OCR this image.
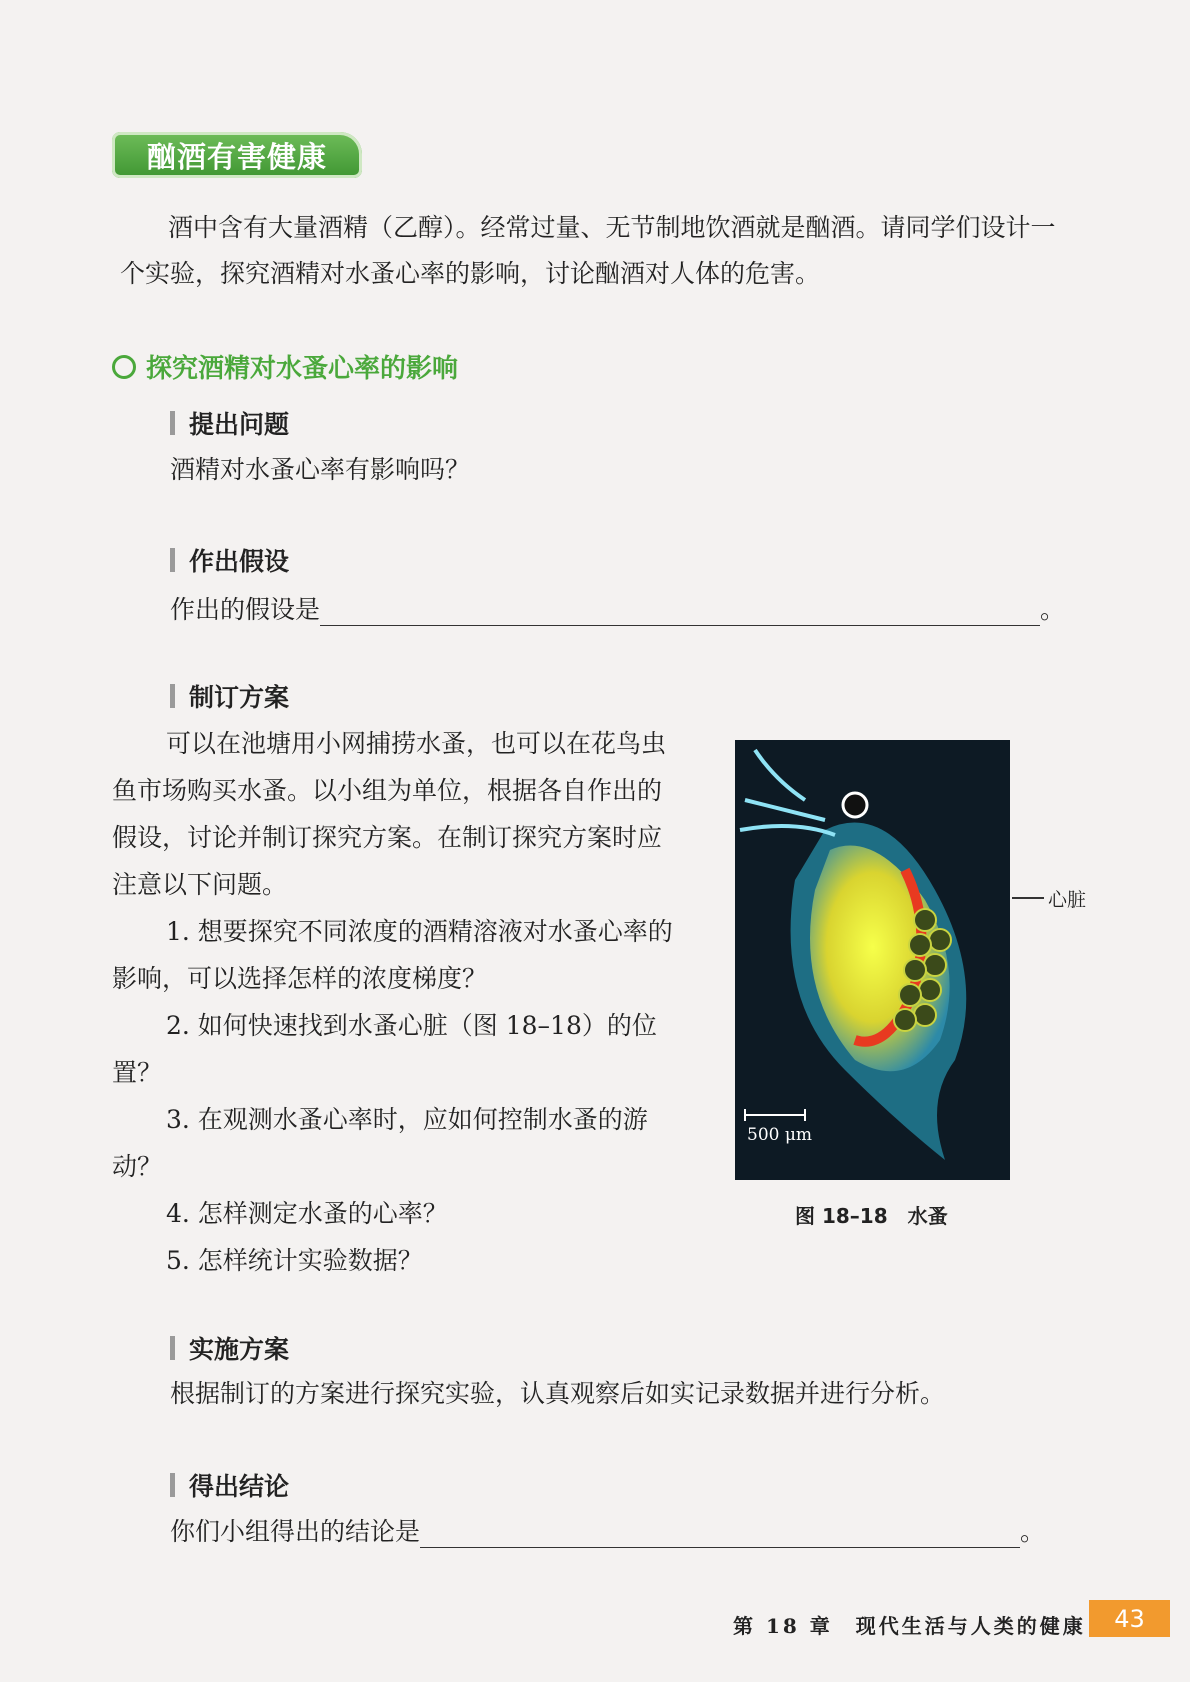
酗酒有害健康
酒中含有大量酒精（乙醇）。经常过量、无节制地饮酒就是酗酒。请同学们设计一个实验，探究酒精对水蚤心率的影响，讨论酗酒对人体的危害。
探究酒精对水蚤心率的影响
提出问题
酒精对水蚤心率有影响吗？
作出假设
作出的假设是	。
制订方案

可以在池塘用小网捕捞水蚤，也可以在花鸟虫鱼市场购买水蚤。以小组为单位，根据各自作出的假设，讨论并制订探究方案。在制订探究方案时应注意以下问题。

1. 想要探究不同浓度的酒精溶液对水蚤心率的影响，可以选择怎样的浓度梯度？

2. 如何快速找到水蚤心脏（图 18–18）的位置？

3. 在观测水蚤心率时，应如何控制水蚤的游动？

4. 怎样测定水蚤的心率？

5. 怎样统计实验数据？

500 μm
心脏
图 18–18　水蚤
实施方案
根据制订的方案进行探究实验，认真观察后如实记录数据并进行分析。
得出结论
你们小组得出的结论是	。
第 18 章　现代生活与人类的健康	43
